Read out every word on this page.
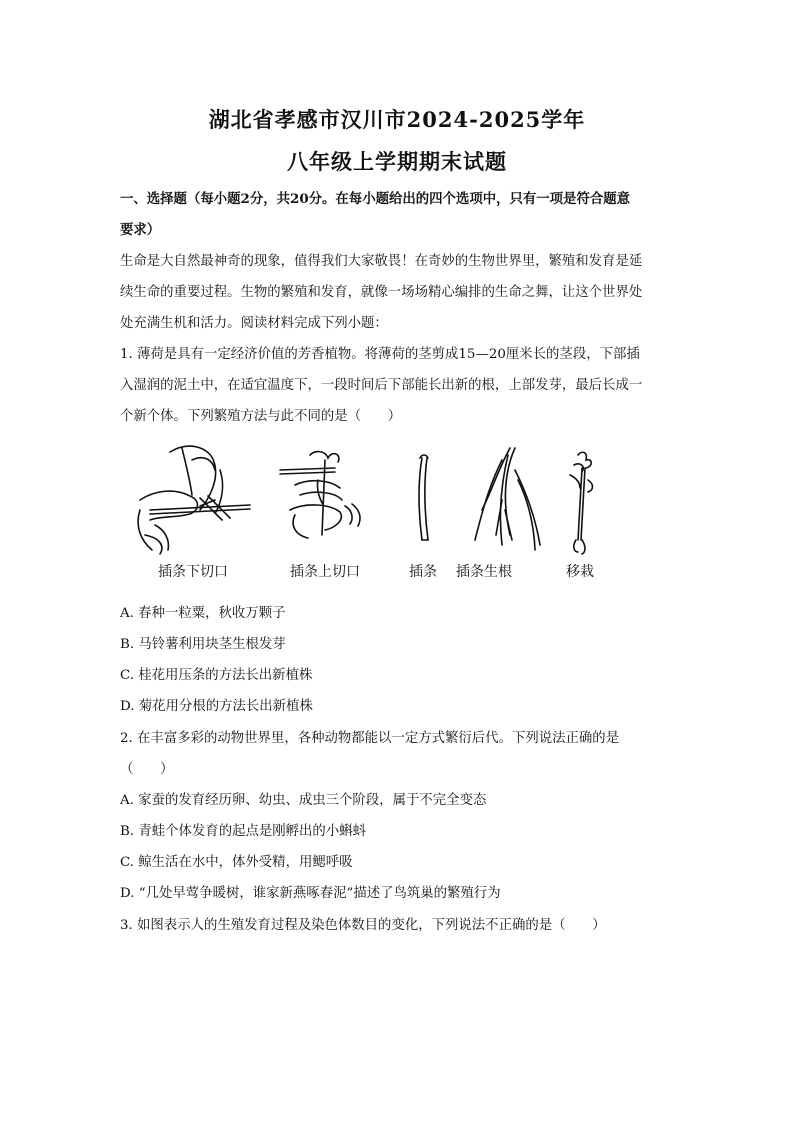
湖北省孝感市汉川市2024-2025学年
八年级上学期期末试题
一、选择题（每小题2分，共20分。在每小题给出的四个选项中，只有一项是符合题意
要求）
生命是大自然最神奇的现象，值得我们大家敬畏！在奇妙的生物世界里，繁殖和发育是延
续生命的重要过程。生物的繁殖和发育，就像一场场精心编排的生命之舞，让这个世界处
处充满生机和活力。阅读材料完成下列小题：
1. 薄荷是具有一定经济价值的芳香植物。将薄荷的茎剪成15—20厘米长的茎段，下部插
入湿润的泥土中，在适宜温度下，一段时间后下部能长出新的根，上部发芽，最后长成一
个新个体。下列繁殖方法与此不同的是（　　）
插条下切口	插条上切口	插条 插条生根	移栽
A. 春种一粒粟，秋收万颗子
B. 马铃薯利用块茎生根发芽
C. 桂花用压条的方法长出新植株
D. 菊花用分根的方法长出新植株
2. 在丰富多彩的动物世界里，各种动物都能以一定方式繁衍后代。下列说法正确的是
（　　）
A. 家蚕的发育经历卵、幼虫、成虫三个阶段，属于不完全变态
B. 青蛙个体发育的起点是刚孵出的小蝌蚪
C. 鲸生活在水中，体外受精，用鳃呼吸
D. “几处早莺争暖树，谁家新燕啄春泥”描述了鸟筑巢的繁殖行为
3. 如图表示人的生殖发育过程及染色体数目的变化，下列说法不正确的是（　　）
